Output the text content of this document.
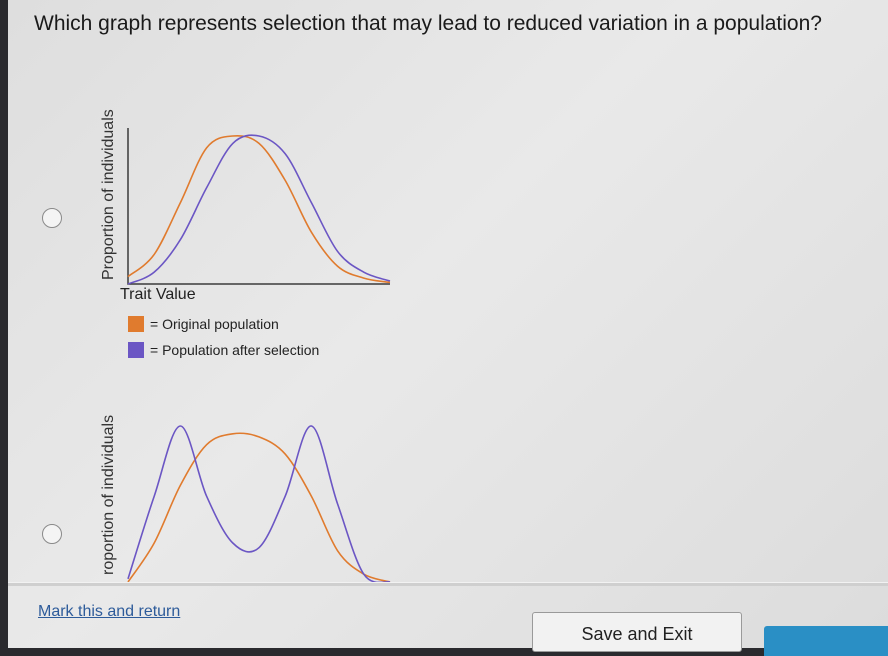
Which graph represents selection that may lead to reduced variation in a population?
Proportion of individuals
Trait Value
= Original population
= Population after selection
roportion of individuals
Mark this and return
Save and Exit
